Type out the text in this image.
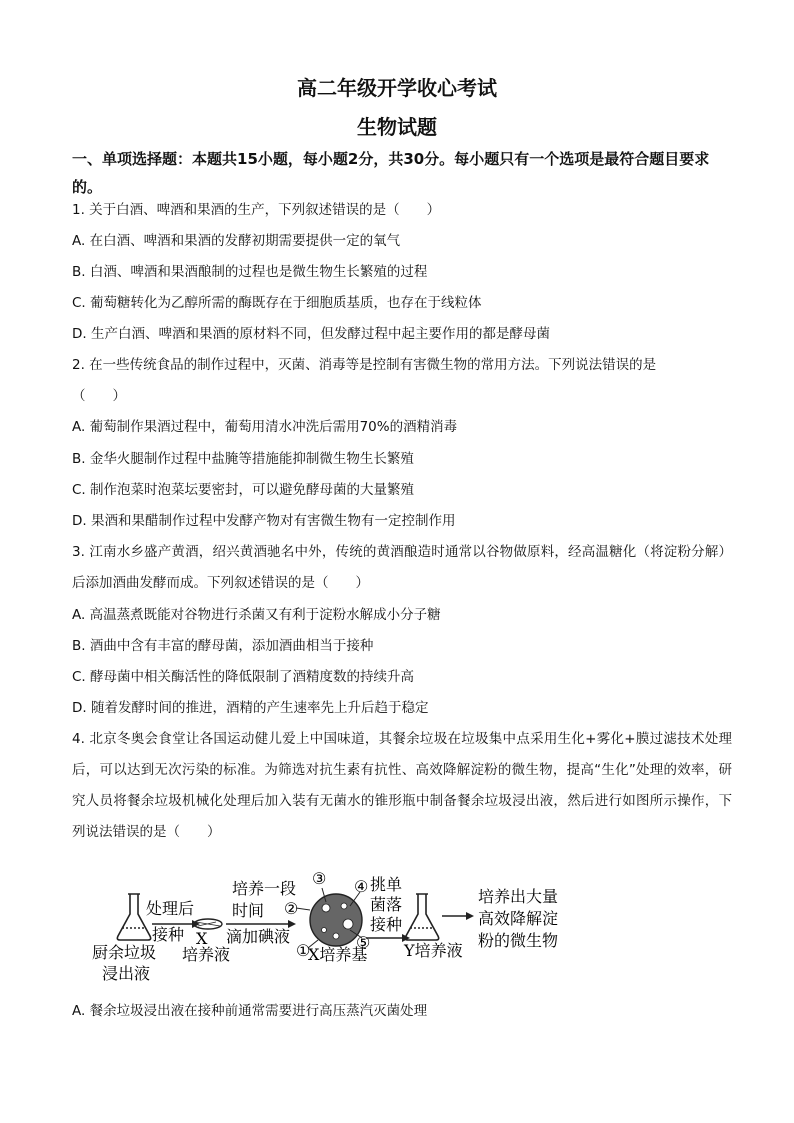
高二年级开学收心考试
生物试题
一、单项选择题：本题共15小题，每小题2分，共30分。每小题只有一个选项是最符合题目要求的。
1. 关于白酒、啤酒和果酒的生产，下列叙述错误的是（　　）
A. 在白酒、啤酒和果酒的发酵初期需要提供一定的氧气
B. 白酒、啤酒和果酒酿制的过程也是微生物生长繁殖的过程
C. 葡萄糖转化为乙醇所需的酶既存在于细胞质基质，也存在于线粒体
D. 生产白酒、啤酒和果酒的原材料不同，但发酵过程中起主要作用的都是酵母菌
2. 在一些传统食品的制作过程中，灭菌、消毒等是控制有害微生物的常用方法。下列说法错误的是
（　　）
A. 葡萄制作果酒过程中，葡萄用清水冲洗后需用70%的酒精消毒
B. 金华火腿制作过程中盐腌等措施能抑制微生物生长繁殖
C. 制作泡菜时泡菜坛要密封，可以避免酵母菌的大量繁殖
D. 果酒和果醋制作过程中发酵产物对有害微生物有一定控制作用
3. 江南水乡盛产黄酒，绍兴黄酒驰名中外，传统的黄酒酿造时通常以谷物做原料，经高温糖化（将淀粉分解）后添加酒曲发酵而成。下列叙述错误的是（　　）
A. 高温蒸煮既能对谷物进行杀菌又有利于淀粉水解成小分子糖
B. 酒曲中含有丰富的酵母菌，添加酒曲相当于接种
C. 酵母菌中相关酶活性的降低限制了酒精度数的持续升高
D. 随着发酵时间的推进，酒精的产生速率先上升后趋于稳定
4. 北京冬奥会食堂让各国运动健儿爱上中国味道，其餐余垃圾在垃圾集中点采用生化+雾化+膜过滤技术处理后，可以达到无次污染的标准。为筛选对抗生素有抗性、高效降解淀粉的微生物，提高“生化”处理的效率，研究人员将餐余垃圾机械化处理后加入装有无菌水的锥形瓶中制备餐余垃圾浸出液，然后进行如图所示操作，下列说法错误的是（　　）
厨余垃圾
浸出液
处理后
接种 X
培养液
培养一段
时间
滴加碘液
①
②
③ ④
⑤
X培养基
挑单
菌落
接种
Y培养液
培养出大量
高效降解淀
粉的微生物
A. 餐余垃圾浸出液在接种前通常需要进行高压蒸汽灭菌处理
